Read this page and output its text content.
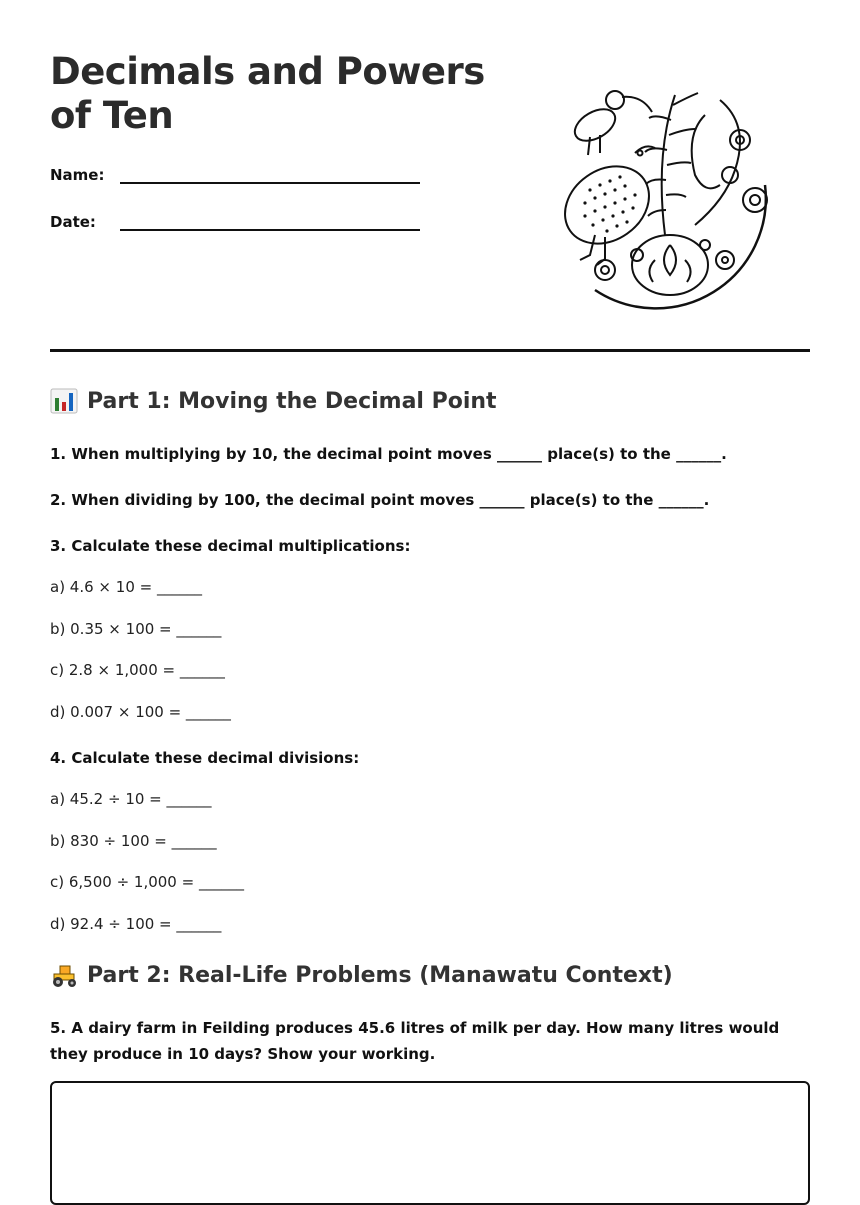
Decimals and Powers of Ten
Name:
Date:
Part 1: Moving the Decimal Point

1. When multiplying by 10, the decimal point moves ______ place(s) to the ______.

2. When dividing by 100, the decimal point moves ______ place(s) to the ______.

3. Calculate these decimal multiplications:

a) 4.6 × 10 = ______

b) 0.35 × 100 = ______

c) 2.8 × 1,000 = ______

d) 0.007 × 100 = ______

4. Calculate these decimal divisions:

a) 45.2 ÷ 10 = ______

b) 830 ÷ 100 = ______

c) 6,500 ÷ 1,000 = ______

d) 92.4 ÷ 100 = ______

Part 2: Real-Life Problems (Manawatu Context)

5. A dairy farm in Feilding produces 45.6 litres of milk per day. How many litres would they produce in 10 days? Show your working.
